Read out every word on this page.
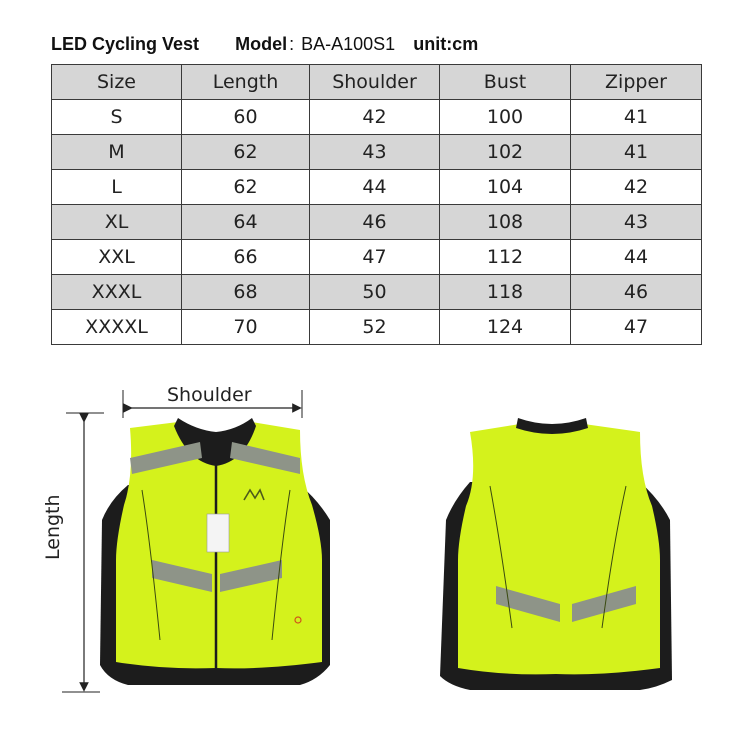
LED Cycling Vest Model : BA-A100S1 unit:cm
Size	Length	Shoulder	Bust	Zipper
S	60	42	100	41
M	62	43	102	41
L	62	44	104	42
XL	64	46	108	43
XXL	66	47	112	44
XXXL	68	50	118	46
XXXXL	70	52	124	47
Shoulder
Length
